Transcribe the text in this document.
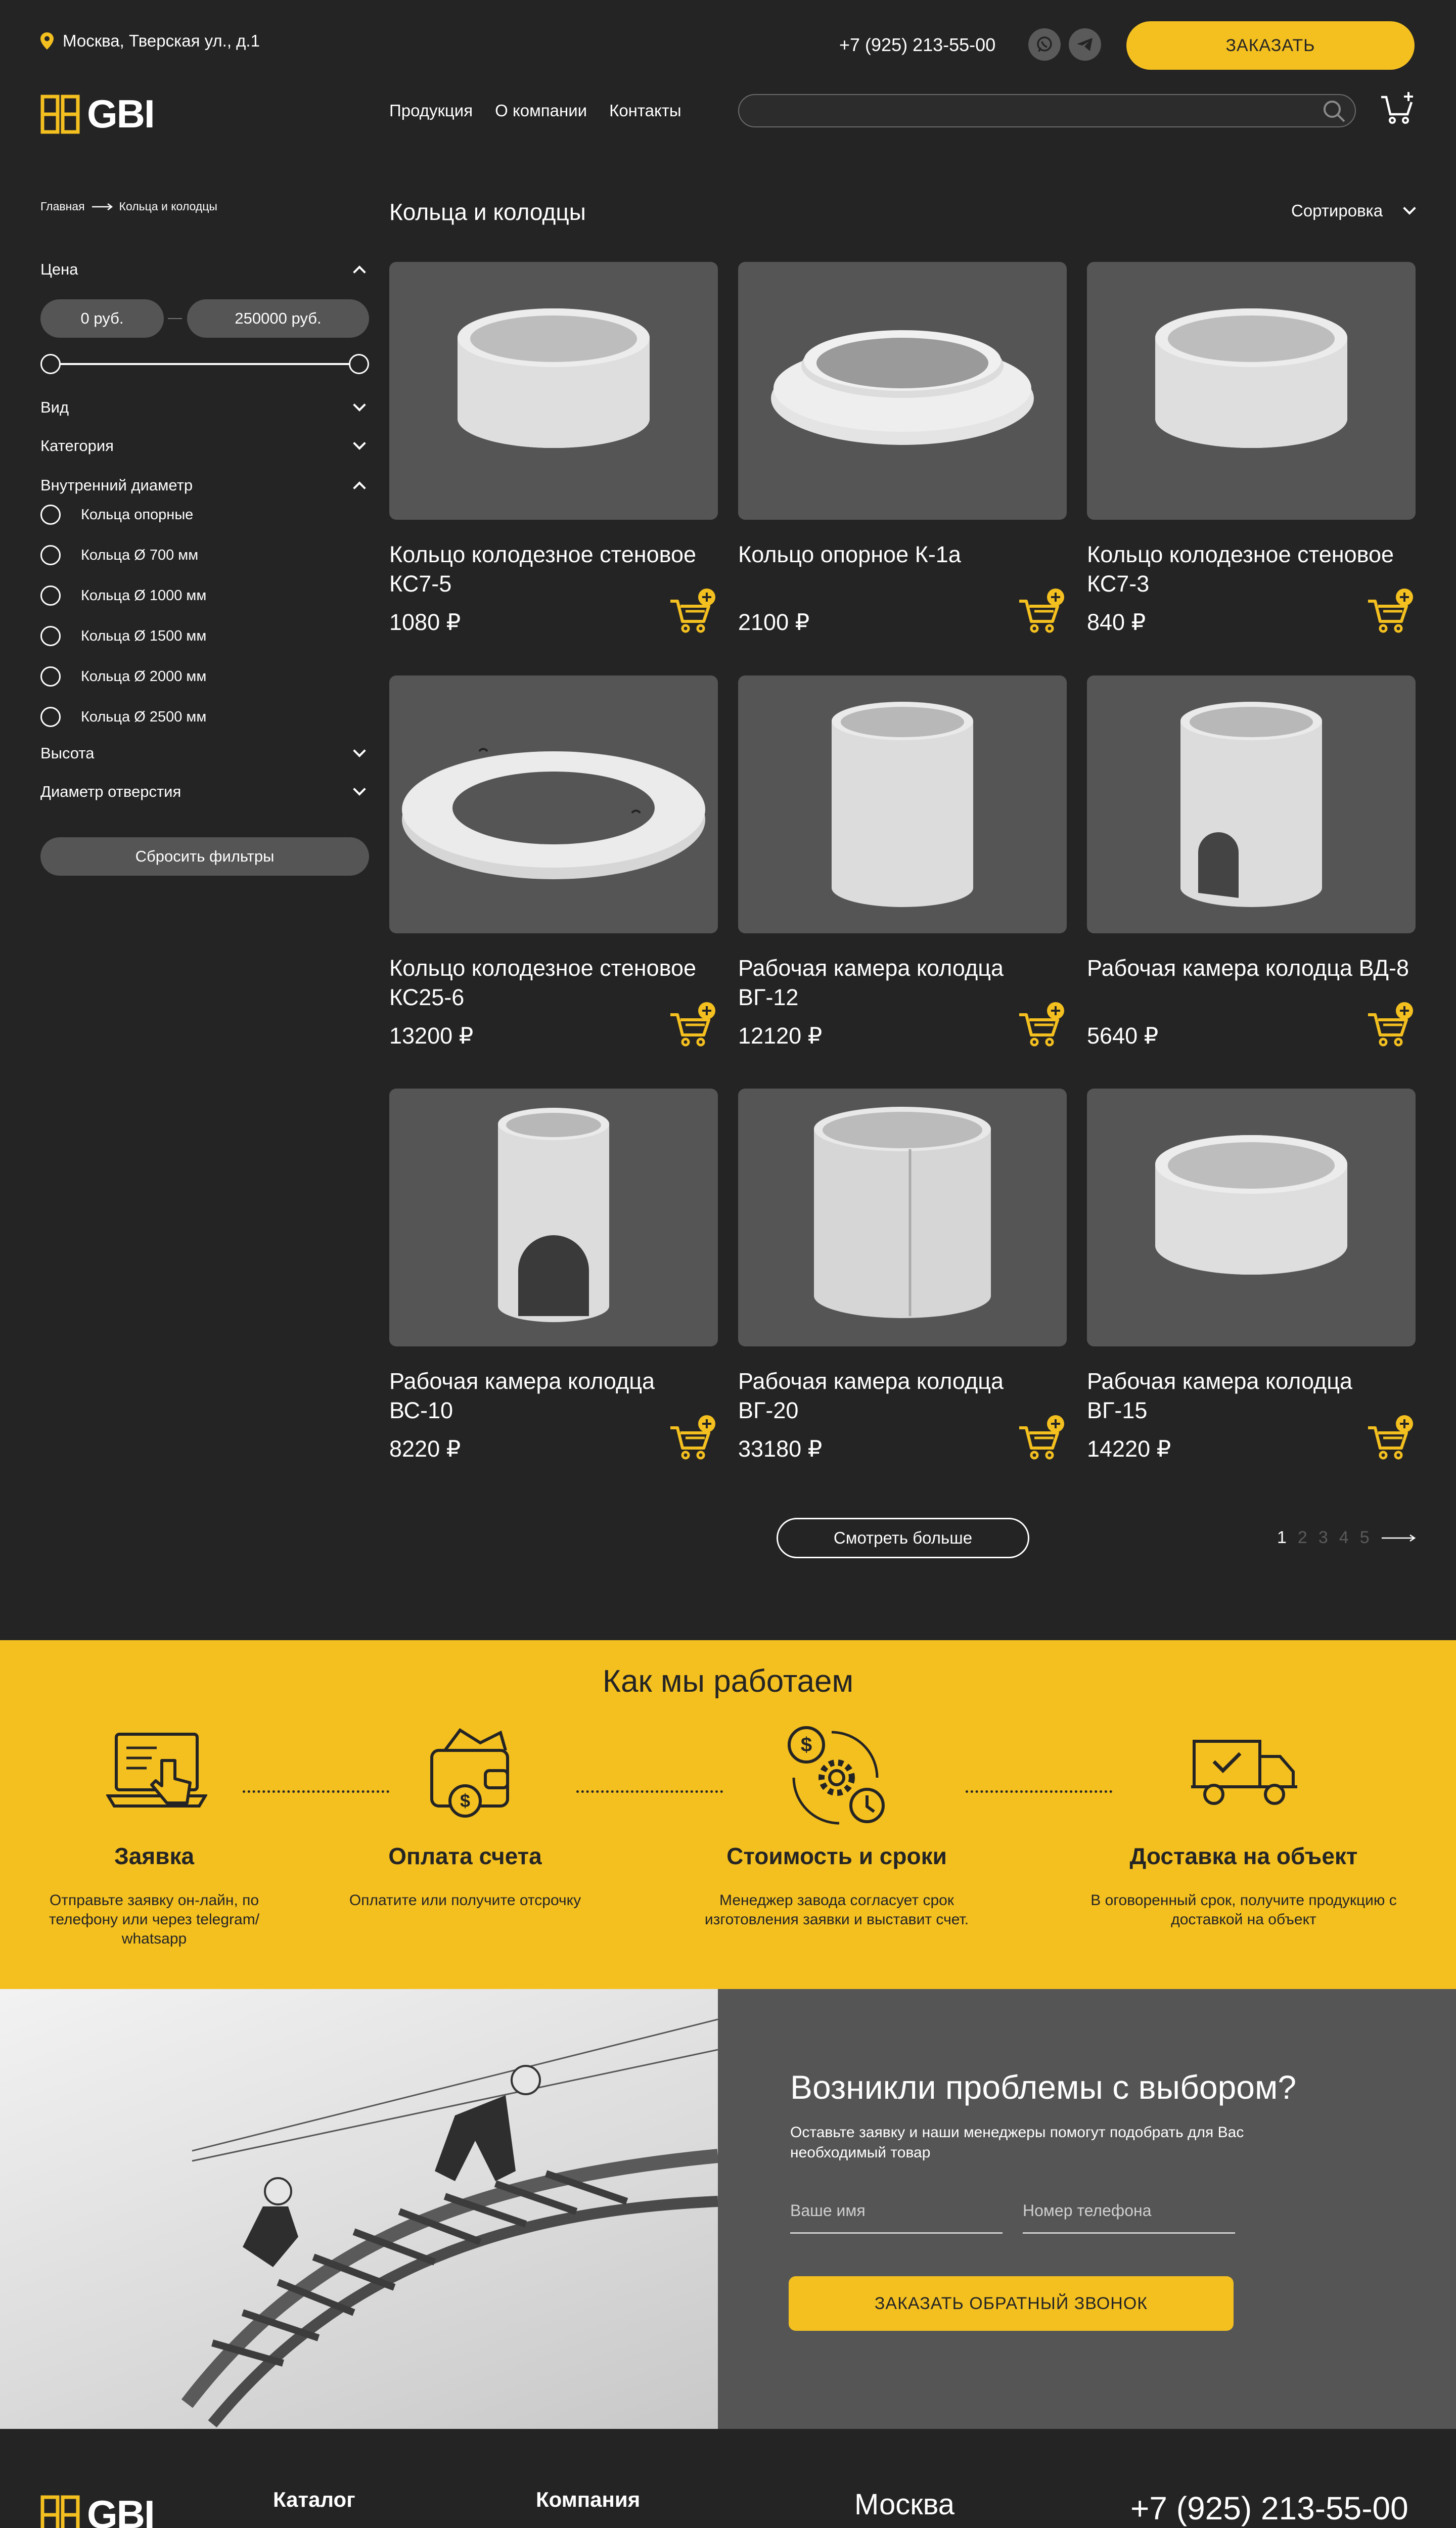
Москва, Тверская ул., д.1	+7 (925) 213-55-00	ЗАКАЗАТЬ
GBI	Продукция О компании Контакты
Главная	Кольца и колодцы	Кольца и колодцы	Сортировка
Цена
0 руб.	—	250000 руб.
Вид
Категория
Внутренний диаметр
Кольца опорные
Кольца Ø 700 мм
Кольца Ø 1000 мм
Кольца Ø 1500 мм
Кольца Ø 2000 мм
Кольца Ø 2500 мм
Высота
Диаметр отверстия
Сбросить фильтры
Кольцо колодезное стеновое КС7-5
1080 ₽
Кольцо опорное К-1а
2100 ₽
Кольцо колодезное стеновое КС7-3
840 ₽
Кольцо колодезное стеновое КС25-6
13200 ₽
Рабочая камера колодца ВГ-12
12120 ₽
Рабочая камера колодца ВД-8
5640 ₽
Рабочая камера колодца ВС-10
8220 ₽
Рабочая камера колодца ВГ-20
33180 ₽
Рабочая камера колодца ВГ-15
14220 ₽
Смотреть больше	1 2 3 4 5
Как мы работаем
$
$
Заявка
Отправьте заявку он-лайн, по телефону или через telegram/ whatsapp
Оплата счета
Оплатите или получите отсрочку
Стоимость и сроки
Менеджер завода согласует срок изготовления заявки и выставит счет.
Доставка на объект
В оговоренный срок, получите продукцию с доставкой на объект
Возникли проблемы с выбором?
Оставьте заявку и наши менеджеры помогут подобрать для Вас необходимый товар
Ваше имя	Номер телефона
ЗАКАЗАТЬ ОБРАТНЫЙ ЗВОНОК
GBI	Каталог	Компания	Москва	+7 (925) 213-55-00
